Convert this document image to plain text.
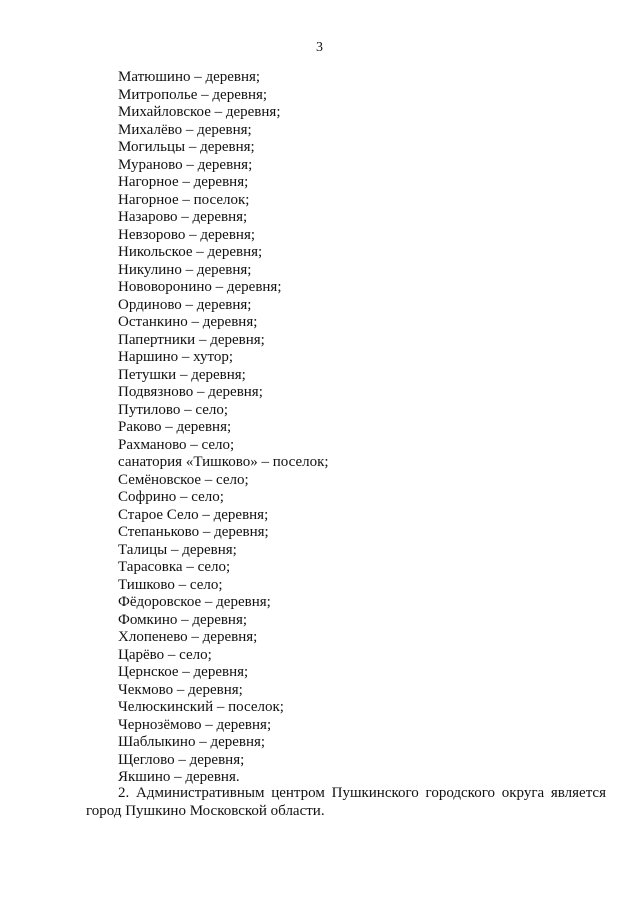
3
Матюшино – деревня;
Митрополье – деревня;
Михайловское – деревня;
Михалёво – деревня;
Могильцы – деревня;
Мураново – деревня;
Нагорное – деревня;
Нагорное – поселок;
Назарово – деревня;
Невзорово – деревня;
Никольское – деревня;
Никулино – деревня;
Нововоронино – деревня;
Ординово – деревня;
Останкино – деревня;
Папертники – деревня;
Наршино – хутор;
Петушки – деревня;
Подвязново – деревня;
Путилово – село;
Раково – деревня;
Рахманово – село;
санатория «Тишково» – поселок;
Семёновское – село;
Софрино – село;
Старое Село – деревня;
Степаньково – деревня;
Талицы – деревня;
Тарасовка – село;
Тишково – село;
Фёдоровское – деревня;
Фомкино – деревня;
Хлопенево – деревня;
Царёво – село;
Цернское – деревня;
Чекмово – деревня;
Челюскинский – поселок;
Чернозёмово – деревня;
Шаблыкино – деревня;
Щеглово – деревня;
Якшино – деревня.
2. Административным центром Пушкинского городского округа является город Пушкино Московской области.
